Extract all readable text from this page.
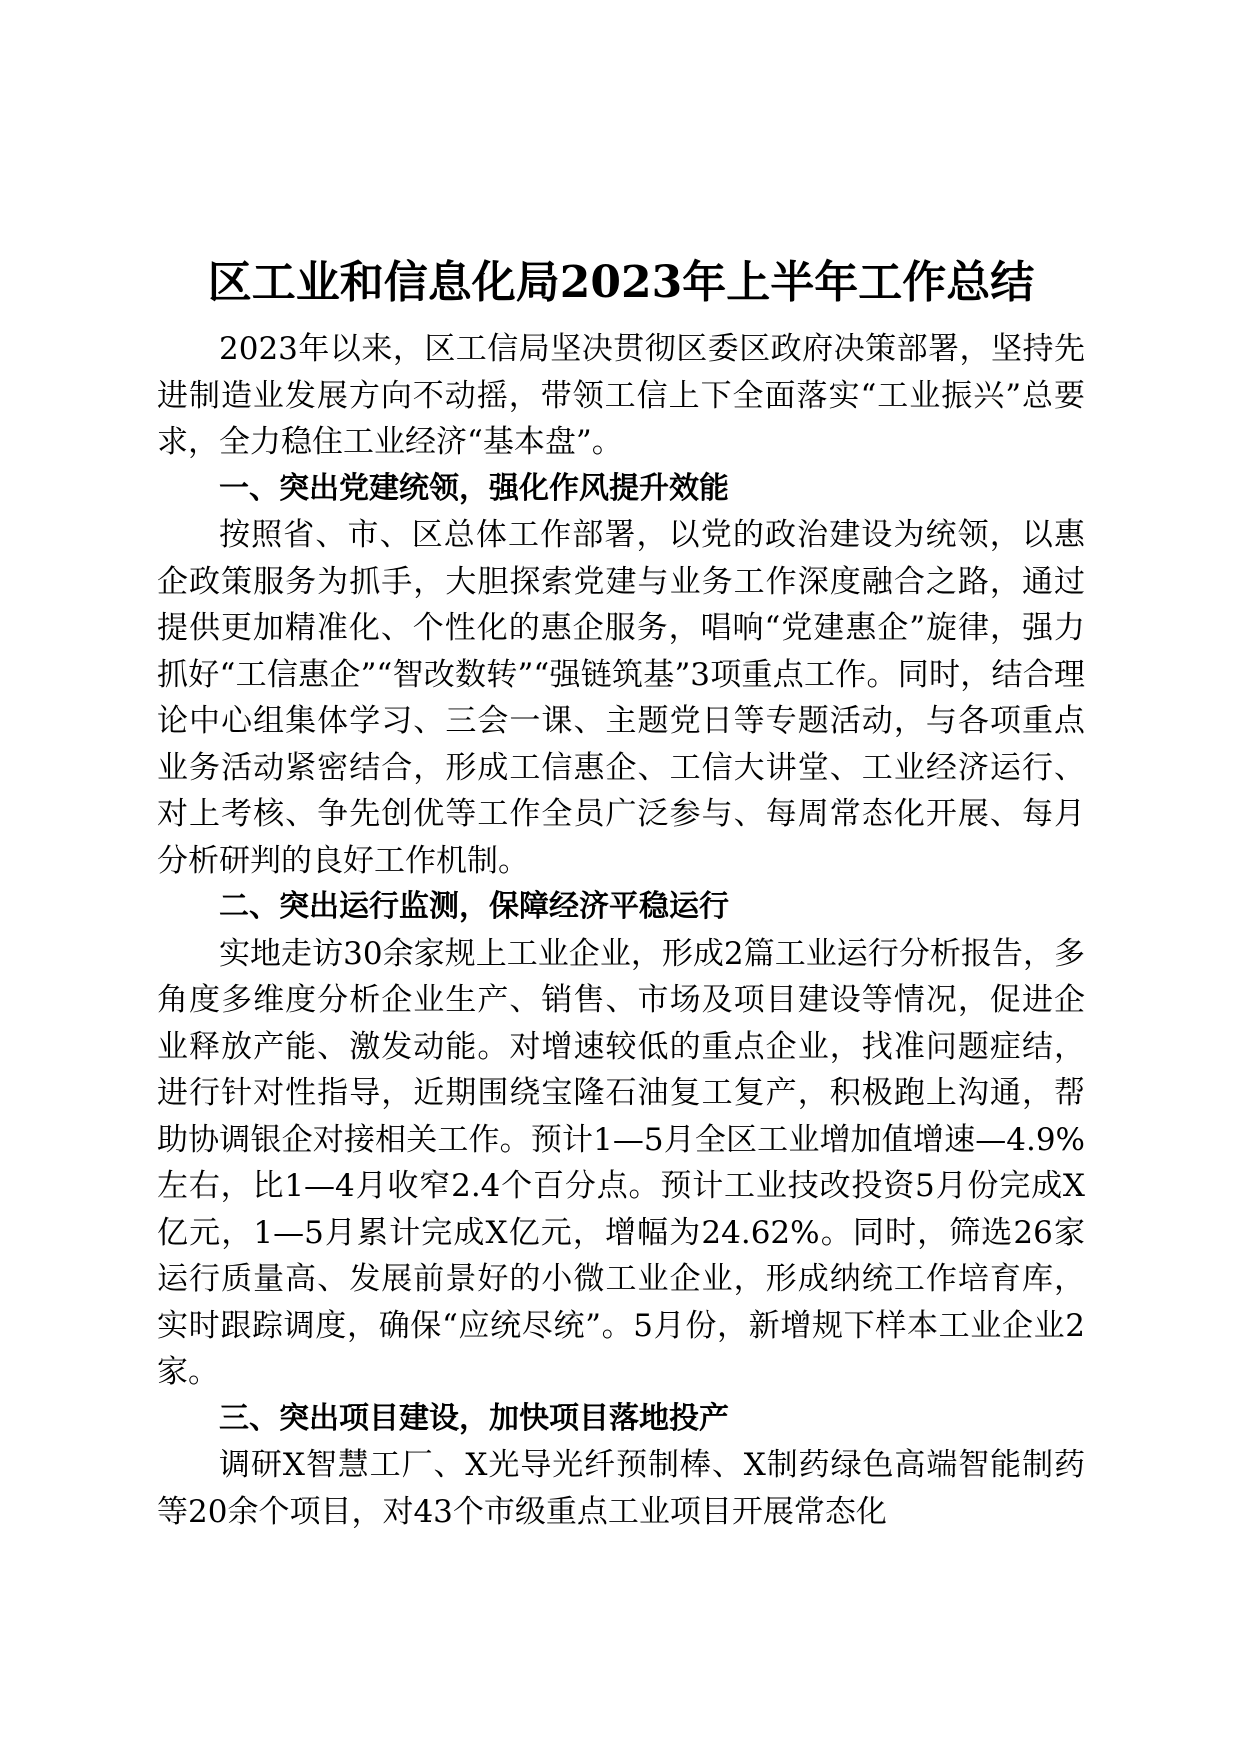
区工业和信息化局2023年上半年工作总结

2023年以来，区工信局坚决贯彻区委区政府决策部署，坚持先进制造业发展方向不动摇，带领工信上下全面落实“工业振兴”总要求，全力稳住工业经济“基本盘”。

一、突出党建统领，强化作风提升效能

按照省、市、区总体工作部署，以党的政治建设为统领，以惠企政策服务为抓手，大胆探索党建与业务工作深度融合之路，通过提供更加精准化、个性化的惠企服务，唱响“党建惠企”旋律，强力抓好“工信惠企”“智改数转”“强链筑基”3项重点工作。同时，结合理论中心组集体学习、三会一课、主题党日等专题活动，与各项重点业务活动紧密结合，形成工信惠企、工信大讲堂、工业经济运行、对上考核、争先创优等工作全员广泛参与、每周常态化开展、每月分析研判的良好工作机制。

二、突出运行监测，保障经济平稳运行

实地走访30余家规上工业企业，形成2篇工业运行分析报告，多角度多维度分析企业生产、销售、市场及项目建设等情况，促进企业释放产能、激发动能。对增速较低的重点企业，找准问题症结，进行针对性指导，近期围绕宝隆石油复工复产，积极跑上沟通，帮助协调银企对接相关工作。预计1—5月全区工业增加值增速—4.9%左右，比1—4月收窄2.4个百分点。预计工业技改投资5月份完成X亿元，1—5月累计完成X亿元，增幅为24.62%。同时，筛选26家运行质量高、发展前景好的小微工业企业，形成纳统工作培育库，实时跟踪调度，确保“应统尽统”。5月份，新增规下样本工业企业2家。

三、突出项目建设，加快项目落地投产

调研X智慧工厂、X光导光纤预制棒、X制药绿色高端智能制药等20余个项目，对43个市级重点工业项目开展常态化
